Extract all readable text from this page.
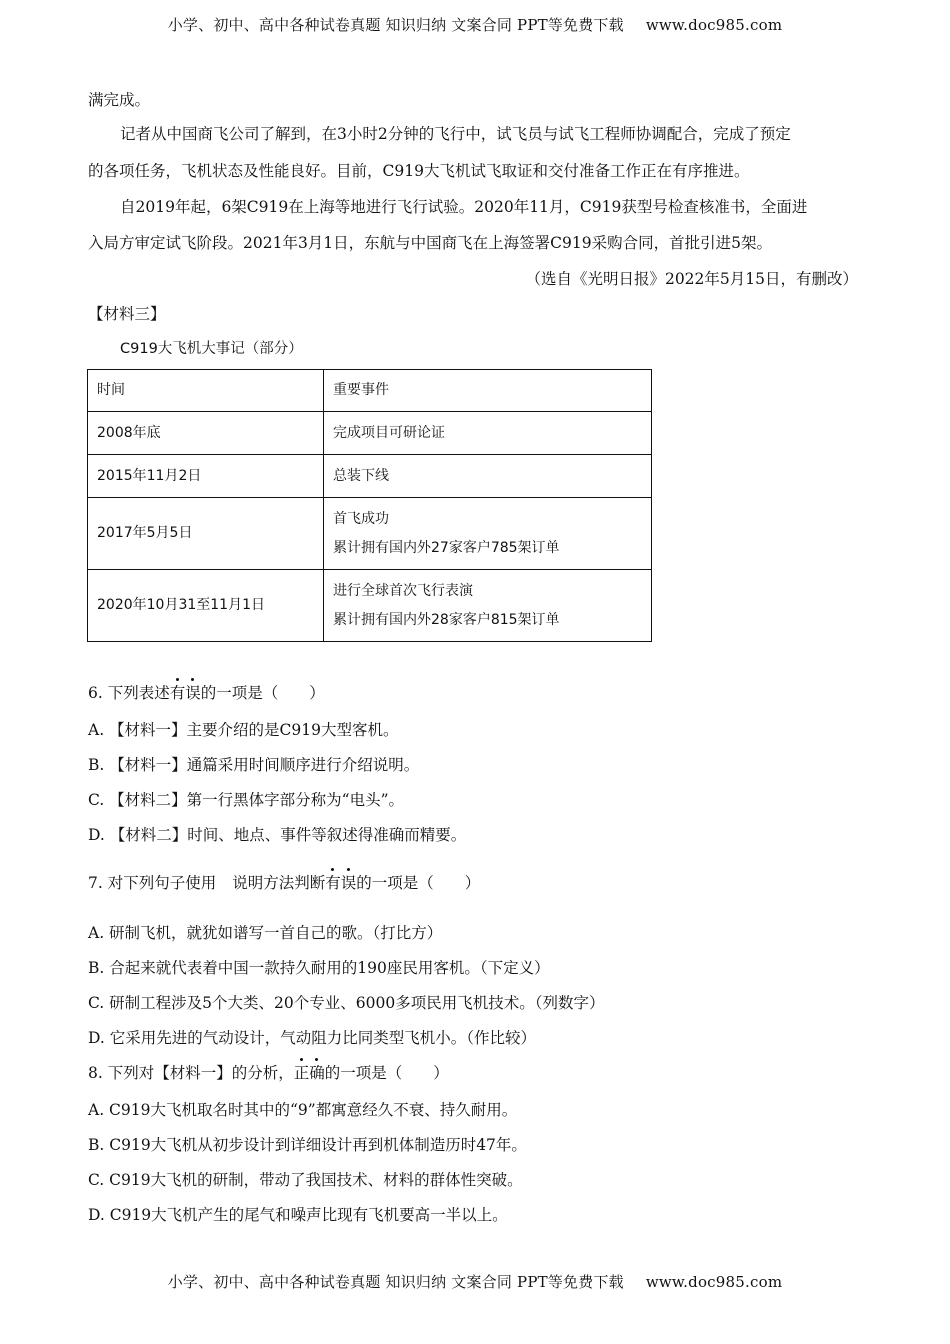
小学、初中、高中各种试卷真题 知识归纳 文案合同 PPT等免费下载 www.doc985.com
满完成。
记者从中国商飞公司了解到，在3小时2分钟的飞行中，试飞员与试飞工程师协调配合，完成了预定
的各项任务，飞机状态及性能良好。目前，C919大飞机试飞取证和交付准备工作正在有序推进。
自2019年起，6架C919在上海等地进行飞行试验。2020年11月，C919获型号检查核准书，全面进
入局方审定试飞阶段。2021年3月1日，东航与中国商飞在上海签署C919采购合同，首批引进5架。
（选自《光明日报》2022年5月15日，有删改）
【材料三】
C919大飞机大事记（部分）
时间	重要事件
2008年底	完成项目可研论证

2015年11月2日	总装下线

2017年5月5日	首飞成功
累计拥有国内外27家客户785架订单

2020年10月31至11月1日	进行全球首次飞行表演
累计拥有国内外28家客户815架订单
6. 下列表述有误的一项是（　　）
A. 【材料一】主要介绍的是C919大型客机。
B. 【材料一】通篇采用时间顺序进行介绍说明。
C. 【材料二】第一行黑体字部分称为“电头”。
D. 【材料二】时间、地点、事件等叙述得准确而精要。
7. 对下列句子使用 说明方法判断有误的一项是（　　）
A. 研制飞机，就犹如谱写一首自己的歌。（打比方）
B. 合起来就代表着中国一款持久耐用的190座民用客机。（下定义）
C. 研制工程涉及5个大类、20个专业、6000多项民用飞机技术。（列数字）
D. 它采用先进的气动设计，气动阻力比同类型飞机小。（作比较）
8. 下列对【材料一】的分析，正确的一项是（　　）
A. C919大飞机取名时其中的“9”都寓意经久不衰、持久耐用。
B. C919大飞机从初步设计到详细设计再到机体制造历时47年。
C. C919大飞机的研制，带动了我国技术、材料的群体性突破。
D. C919大飞机产生的尾气和噪声比现有飞机要高一半以上。
小学、初中、高中各种试卷真题 知识归纳 文案合同 PPT等免费下载 www.doc985.com
